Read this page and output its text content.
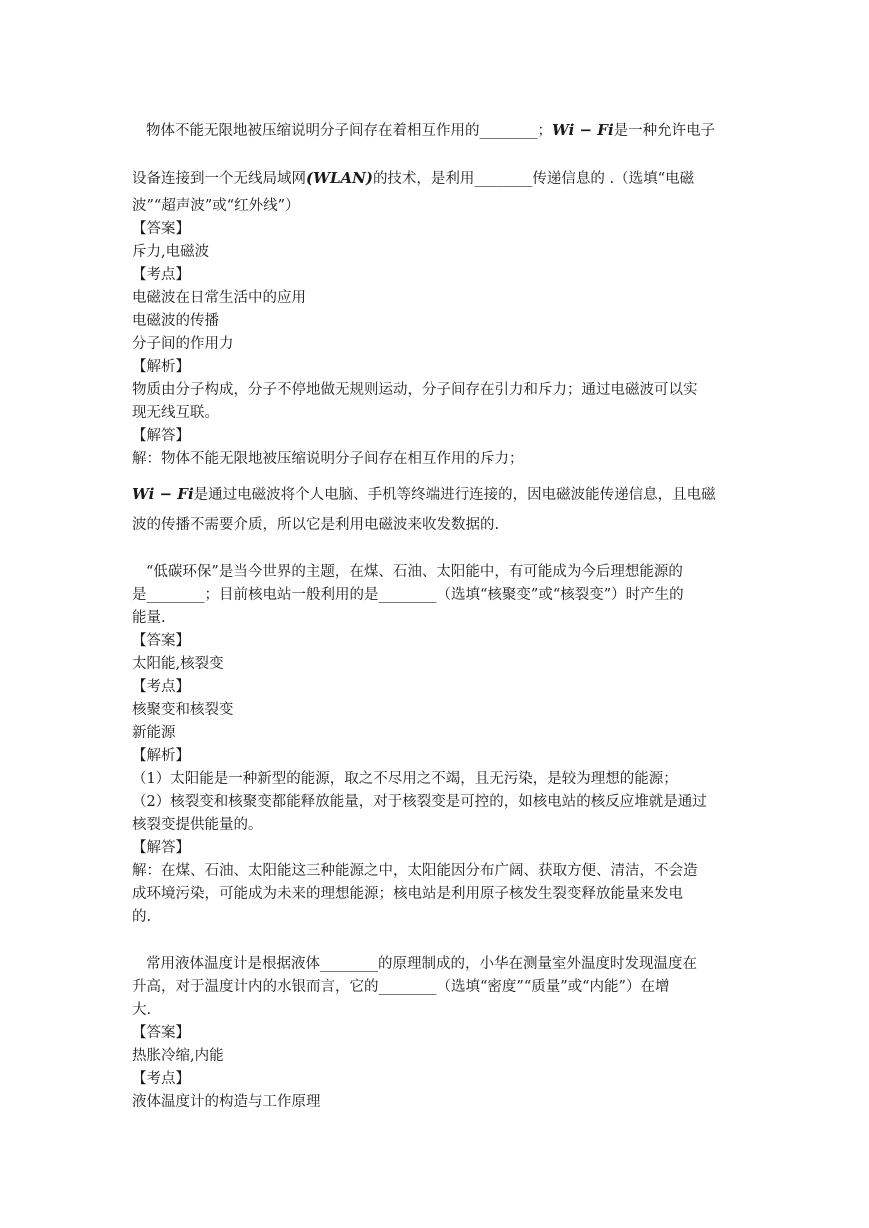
物体不能无限地被压缩说明分子间存在着相互作用的________；Wi − Fi是一种允许电子
设备连接到一个无线局域网(WLAN)的技术，是利用________传递信息的 .（选填“电磁
波”“超声波”或“红外线”）
【答案】
斥力,电磁波
【考点】
电磁波在日常生活中的应用
电磁波的传播
分子间的作用力
【解析】
物质由分子构成，分子不停地做无规则运动，分子间存在引力和斥力；通过电磁波可以实
现无线互联。
【解答】
解：物体不能无限地被压缩说明分子间存在相互作用的斥力；
Wi − Fi是通过电磁波将个人电脑、手机等终端进行连接的，因电磁波能传递信息，且电磁
波的传播不需要介质，所以它是利用电磁波来收发数据的.
“低碳环保”是当今世界的主题，在煤、石油、太阳能中，有可能成为今后理想能源的
是________；目前核电站一般利用的是________（选填“核聚变”或“核裂变”）时产生的
能量.
【答案】
太阳能,核裂变
【考点】
核聚变和核裂变
新能源
【解析】
（1）太阳能是一种新型的能源，取之不尽用之不竭，且无污染，是较为理想的能源；
（2）核裂变和核聚变都能释放能量，对于核裂变是可控的，如核电站的核反应堆就是通过
核裂变提供能量的。
【解答】
解：在煤、石油、太阳能这三种能源之中，太阳能因分布广阔、获取方便、清洁，不会造
成环境污染，可能成为未来的理想能源；核电站是利用原子核发生裂变释放能量来发电
的.
常用液体温度计是根据液体________的原理制成的，小华在测量室外温度时发现温度在
升高，对于温度计内的水银而言，它的________（选填“密度”“质量”或“内能”）在增
大.
【答案】
热胀冷缩,内能
【考点】
液体温度计的构造与工作原理
